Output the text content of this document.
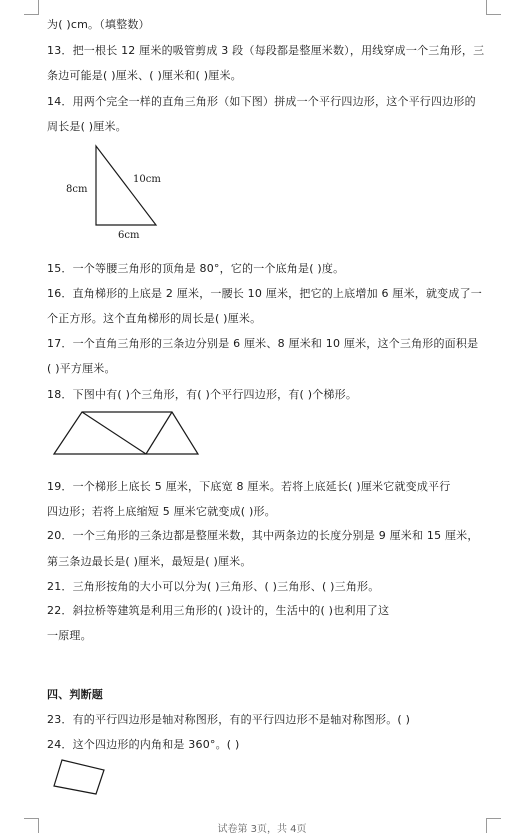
为( )cm。（填整数）
13．把一根长 12 厘米的吸管剪成 3 段（每段都是整厘米数），用线穿成一个三角形，三
条边可能是( )厘米、( )厘米和( )厘米。
14．用两个完全一样的直角三角形（如下图）拼成一个平行四边形，这个平行四边形的
周长是( )厘米。
8cm
10cm
6cm
15．一个等腰三角形的顶角是 80°，它的一个底角是( )度。
16．直角梯形的上底是 2 厘米，一腰长 10 厘米，把它的上底增加 6 厘米，就变成了一
个正方形。这个直角梯形的周长是( )厘米。
17．一个直角三角形的三条边分别是 6 厘米、8 厘米和 10 厘米，这个三角形的面积是
( )平方厘米。
18．下图中有( )个三角形，有( )个平行四边形，有( )个梯形。
19．一个梯形上底长 5 厘米，下底宽 8 厘米。若将上底延长( )厘米它就变成平行
四边形；若将上底缩短 5 厘米它就变成( )形。
20．一个三角形的三条边都是整厘米数，其中两条边的长度分别是 9 厘米和 15 厘米，
第三条边最长是( )厘米，最短是( )厘米。
21．三角形按角的大小可以分为( )三角形、( )三角形、( )三角形。
22．斜拉桥等建筑是利用三角形的( )设计的，生活中的( )也利用了这
一原理。
四、判断题
23．有的平行四边形是轴对称图形，有的平行四边形不是轴对称图形。( )
24．这个四边形的内角和是 360°。( )
试卷第 3页，共 4页
